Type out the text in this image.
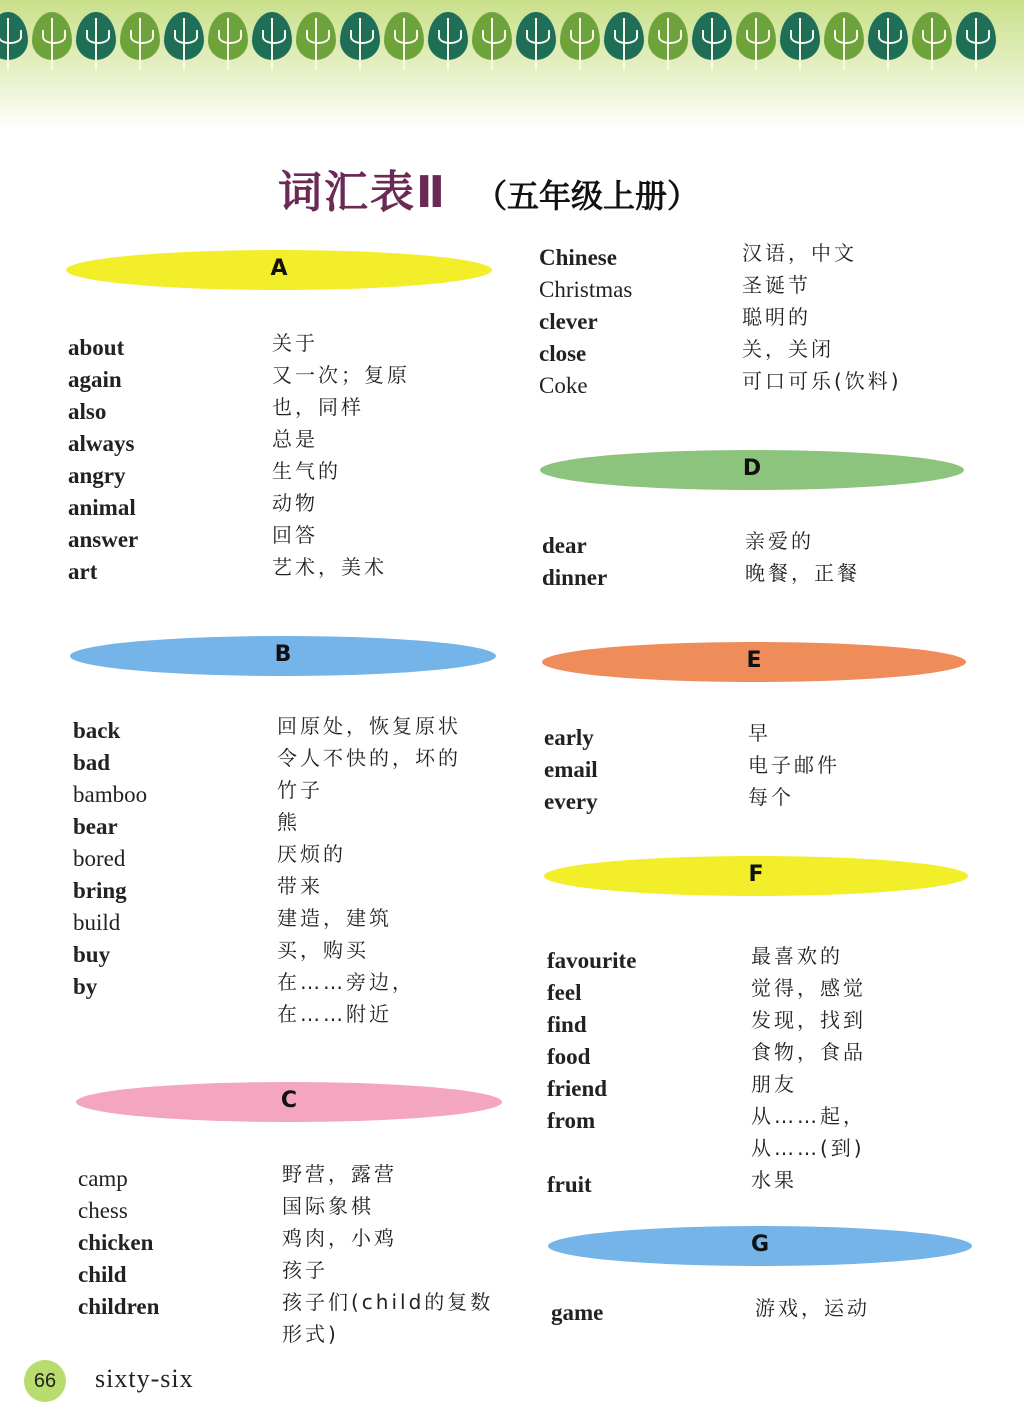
词汇表Ⅱ （五年级上册）
A
B
C
D
E
F
G
about	关于
again	又一次；复原
also	也，同样
always	总是
angry	生气的
animal	动物
answer	回答
art	艺术，美术
back	回原处，恢复原状
bad	令人不快的，坏的
bamboo	竹子
bear	熊
bored	厌烦的
bring	带来
build	建造，建筑
buy	买，购买
by	在……旁边，
在……附近
camp	野营，露营
chess	国际象棋
chicken	鸡肉，小鸡
child	孩子
children	孩子们(child的复数
形式)
Chinese	汉语，中文
Christmas	圣诞节
clever	聪明的
close	关，关闭
Coke	可口可乐(饮料)
dear	亲爱的
dinner	晚餐，正餐
early	早
email	电子邮件
every	每个
favourite	最喜欢的
feel	觉得，感觉
find	发现，找到
food	食物，食品
friend	朋友
from	从……起，
从……(到)
fruit	水果
game	游戏，运动
66	sixty-six
